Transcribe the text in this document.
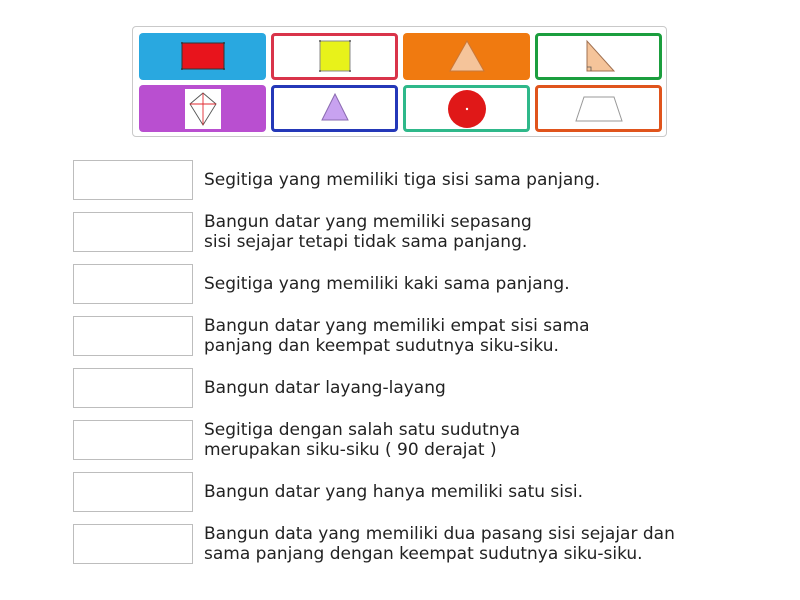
Segitiga yang memiliki tiga sisi sama panjang.
Bangun datar yang memiliki sepasang
sisi sejajar tetapi tidak sama panjang.
Segitiga yang memiliki kaki sama panjang.
Bangun datar yang memiliki empat sisi sama
panjang dan keempat sudutnya siku-siku.
Bangun datar layang-layang
Segitiga dengan salah satu sudutnya
merupakan siku-siku ( 90 derajat )
Bangun datar yang hanya memiliki satu sisi.
Bangun data yang memiliki dua pasang sisi sejajar dan
sama panjang dengan keempat sudutnya siku-siku.
